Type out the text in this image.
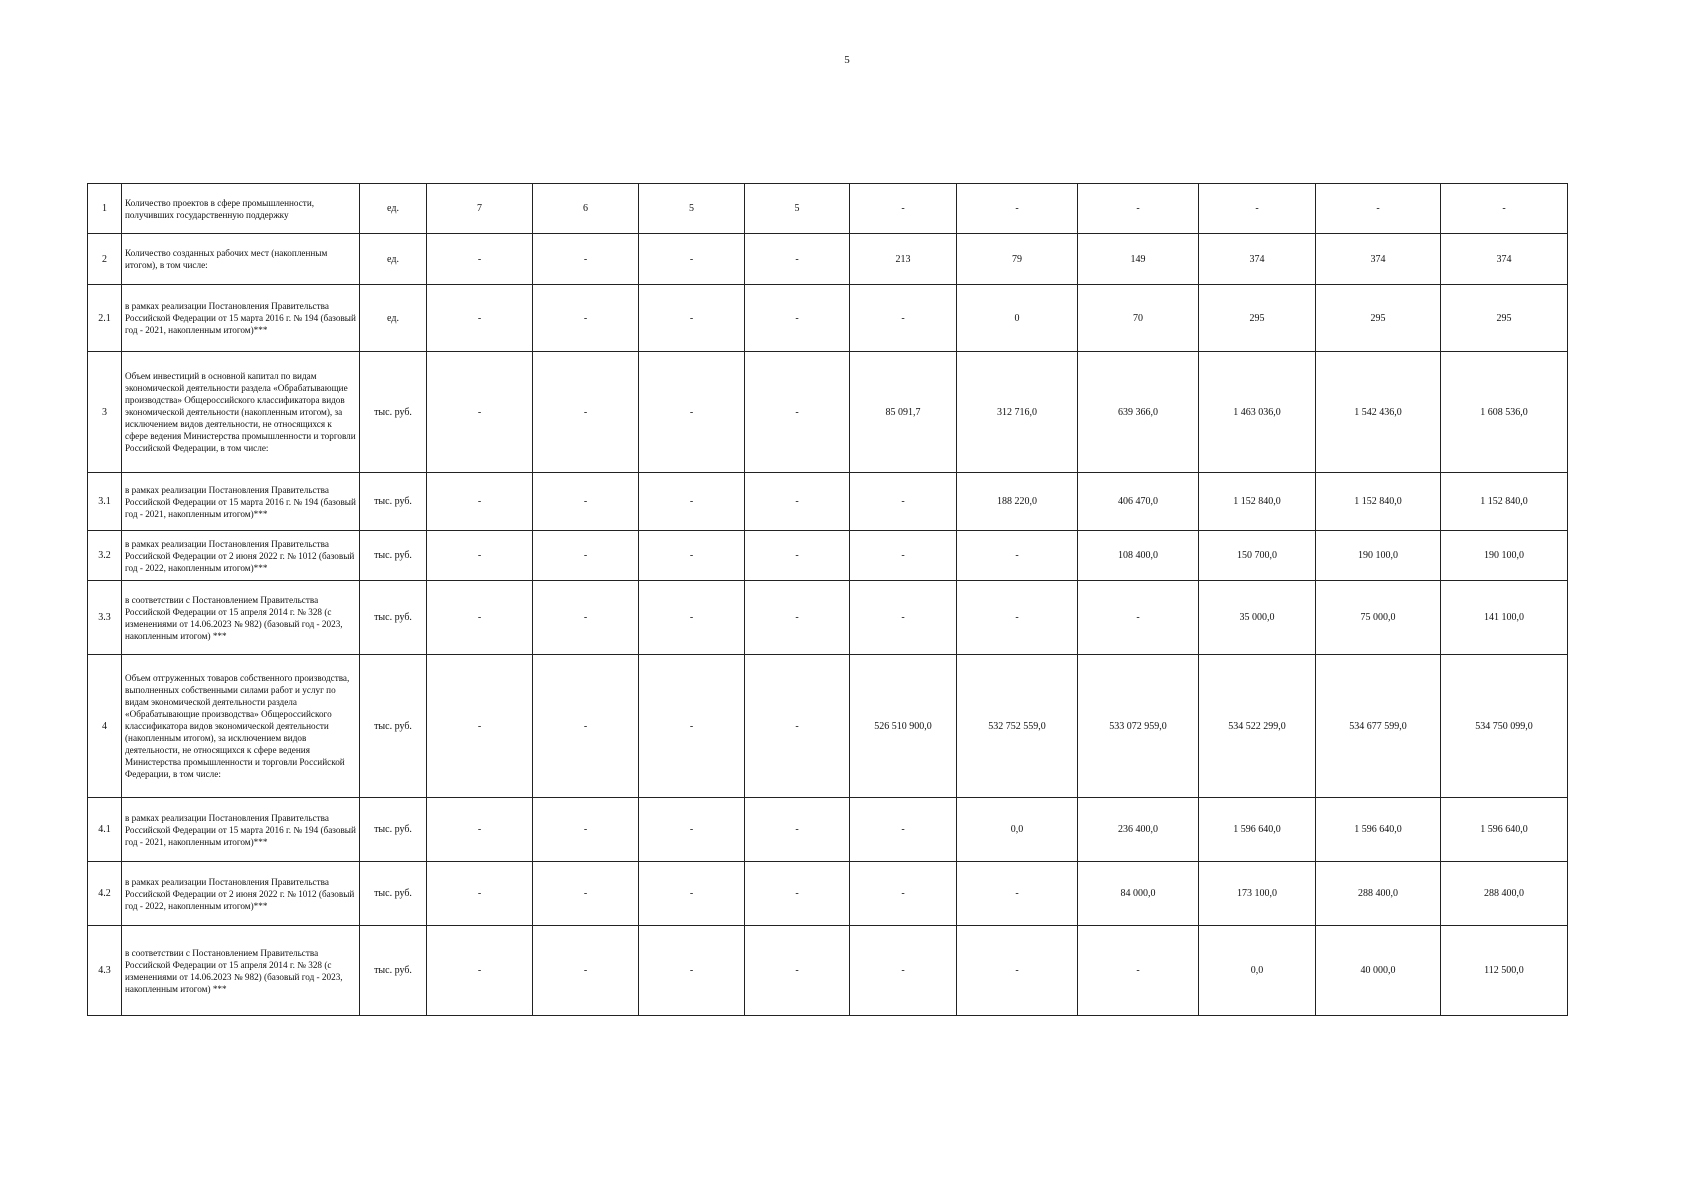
5
1	Количество проектов в сфере промышленности, получивших государственную поддержку	ед.	7	6	5	5	-	-	-	-	-	-
2	Количество созданных рабочих мест (накопленным итогом), в том числе:	ед.	-	-	-	-	213	79	149	374	374	374
2.1	в рамках реализации Постановления Правительства Российской Федерации от 15 марта 2016 г. № 194 (базовый год - 2021, накопленным итогом)***	ед.	-	-	-	-	-	0	70	295	295	295
3	Объем инвестиций в основной капитал по видам экономической деятельности раздела «Обрабатывающие производства» Общероссийского классификатора видов экономической деятельности (накопленным итогом), за исключением видов деятельности, не относящихся к сфере ведения Министерства промышленности и торговли Российской Федерации, в том числе:	тыс. руб.	-	-	-	-	85 091,7	312 716,0	639 366,0	1 463 036,0	1 542 436,0	1 608 536,0
3.1	в рамках реализации Постановления Правительства Российской Федерации от 15 марта 2016 г. № 194 (базовый год - 2021, накопленным итогом)***	тыс. руб.	-	-	-	-	-	188 220,0	406 470,0	1 152 840,0	1 152 840,0	1 152 840,0
3.2	в рамках реализации Постановления Правительства Российской Федерации от 2 июня 2022 г. № 1012 (базовый год - 2022, накопленным итогом)***	тыс. руб.	-	-	-	-	-	-	108 400,0	150 700,0	190 100,0	190 100,0
3.3	в соответствии с Постановлением Правительства Российской Федерации от 15 апреля 2014 г. № 328 (с изменениями от 14.06.2023 № 982) (базовый год - 2023, накопленным итогом) ***	тыс. руб.	-	-	-	-	-	-	-	35 000,0	75 000,0	141 100,0
4	Объем отгруженных товаров собственного производства, выполненных собственными силами работ и услуг по видам экономической деятельности раздела «Обрабатывающие производства» Общероссийского классификатора видов экономической деятельности (накопленным итогом), за исключением видов деятельности, не относящихся к сфере ведения Министерства промышленности и торговли Российской Федерации, в том числе:	тыс. руб.	-	-	-	-	526 510 900,0	532 752 559,0	533 072 959,0	534 522 299,0	534 677 599,0	534 750 099,0
4.1	в рамках реализации Постановления Правительства Российской Федерации от 15 марта 2016 г. № 194 (базовый год - 2021, накопленным итогом)***	тыс. руб.	-	-	-	-	-	0,0	236 400,0	1 596 640,0	1 596 640,0	1 596 640,0
4.2	в рамках реализации Постановления Правительства Российской Федерации от 2 июня 2022 г. № 1012 (базовый год - 2022, накопленным итогом)***	тыс. руб.	-	-	-	-	-	-	84 000,0	173 100,0	288 400,0	288 400,0
4.3	в соответствии с Постановлением Правительства Российской Федерации от 15 апреля 2014 г. № 328 (с изменениями от 14.06.2023 № 982) (базовый год - 2023, накопленным итогом) ***	тыс. руб.	-	-	-	-	-	-	-	0,0	40 000,0	112 500,0
